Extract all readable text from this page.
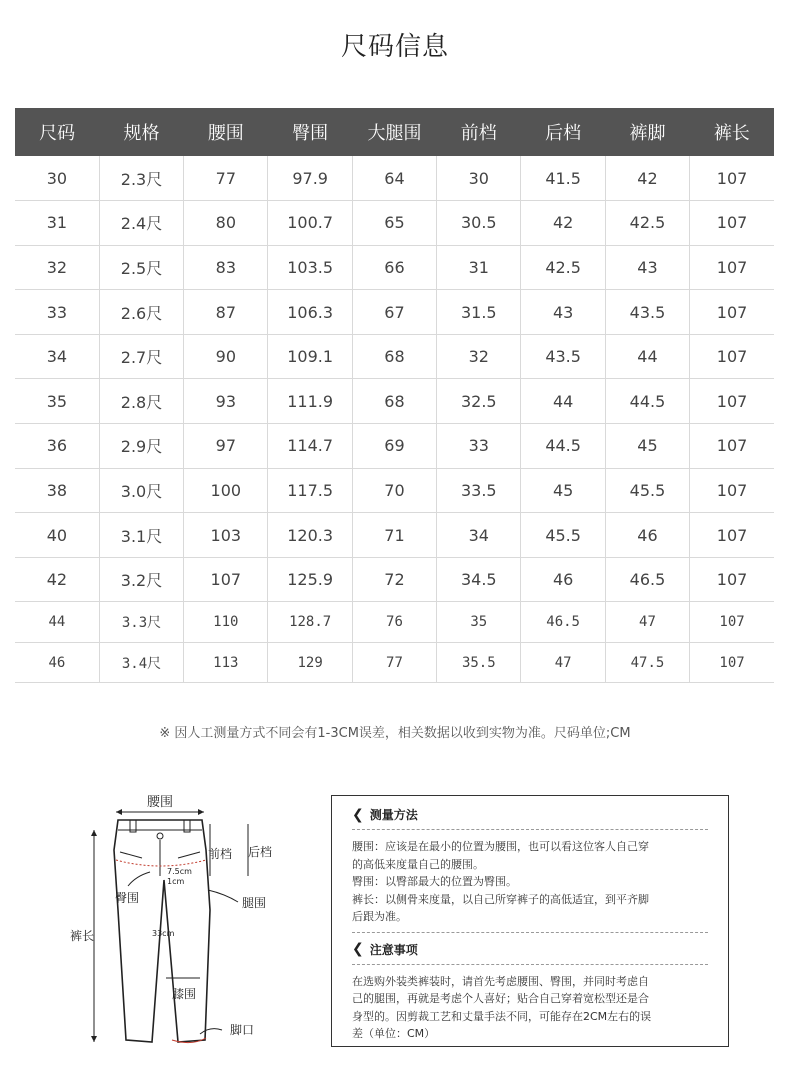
尺码信息
尺码	规格	腰围	臀围	大腿围	前档	后档	裤脚	裤长
30	2.3尺	77	97.9	64	30	41.5	42	107
31	2.4尺	80	100.7	65	30.5	42	42.5	107
32	2.5尺	83	103.5	66	31	42.5	43	107
33	2.6尺	87	106.3	67	31.5	43	43.5	107
34	2.7尺	90	109.1	68	32	43.5	44	107
35	2.8尺	93	111.9	68	32.5	44	44.5	107
36	2.9尺	97	114.7	69	33	44.5	45	107
38	3.0尺	100	117.5	70	33.5	45	45.5	107
40	3.1尺	103	120.3	71	34	45.5	46	107
42	3.2尺	107	125.9	72	34.5	46	46.5	107
44	3.3尺	110	128.7	76	35	46.5	47	107
46	3.4尺	113	129	77	35.5	47	47.5	107
※ 因人工测量方式不同会有1-3CM误差，相关数据以收到实物为准。尺码单位;CM
腰围
前档 后档
臀围	腿围
7.5cm
1cm
33cm
裤长
膝围
脚口
❮ 测量方法
腰围：应该是在最小的位置为腰围，也可以看这位客人自己穿
的高低来度量自己的腰围。
臀围：以臀部最大的位置为臀围。
裤长：以侧骨来度量，以自己所穿裤子的高低适宜，到平齐脚
后跟为准。
❮ 注意事项
在选购外装类裤装时，请首先考虑腰围、臀围，并同时考虑自
己的腿围，再就是考虑个人喜好；贴合自己穿着宽松型还是合
身型的。因剪裁工艺和丈量手法不同，可能存在2CM左右的误
差（单位：CM）
